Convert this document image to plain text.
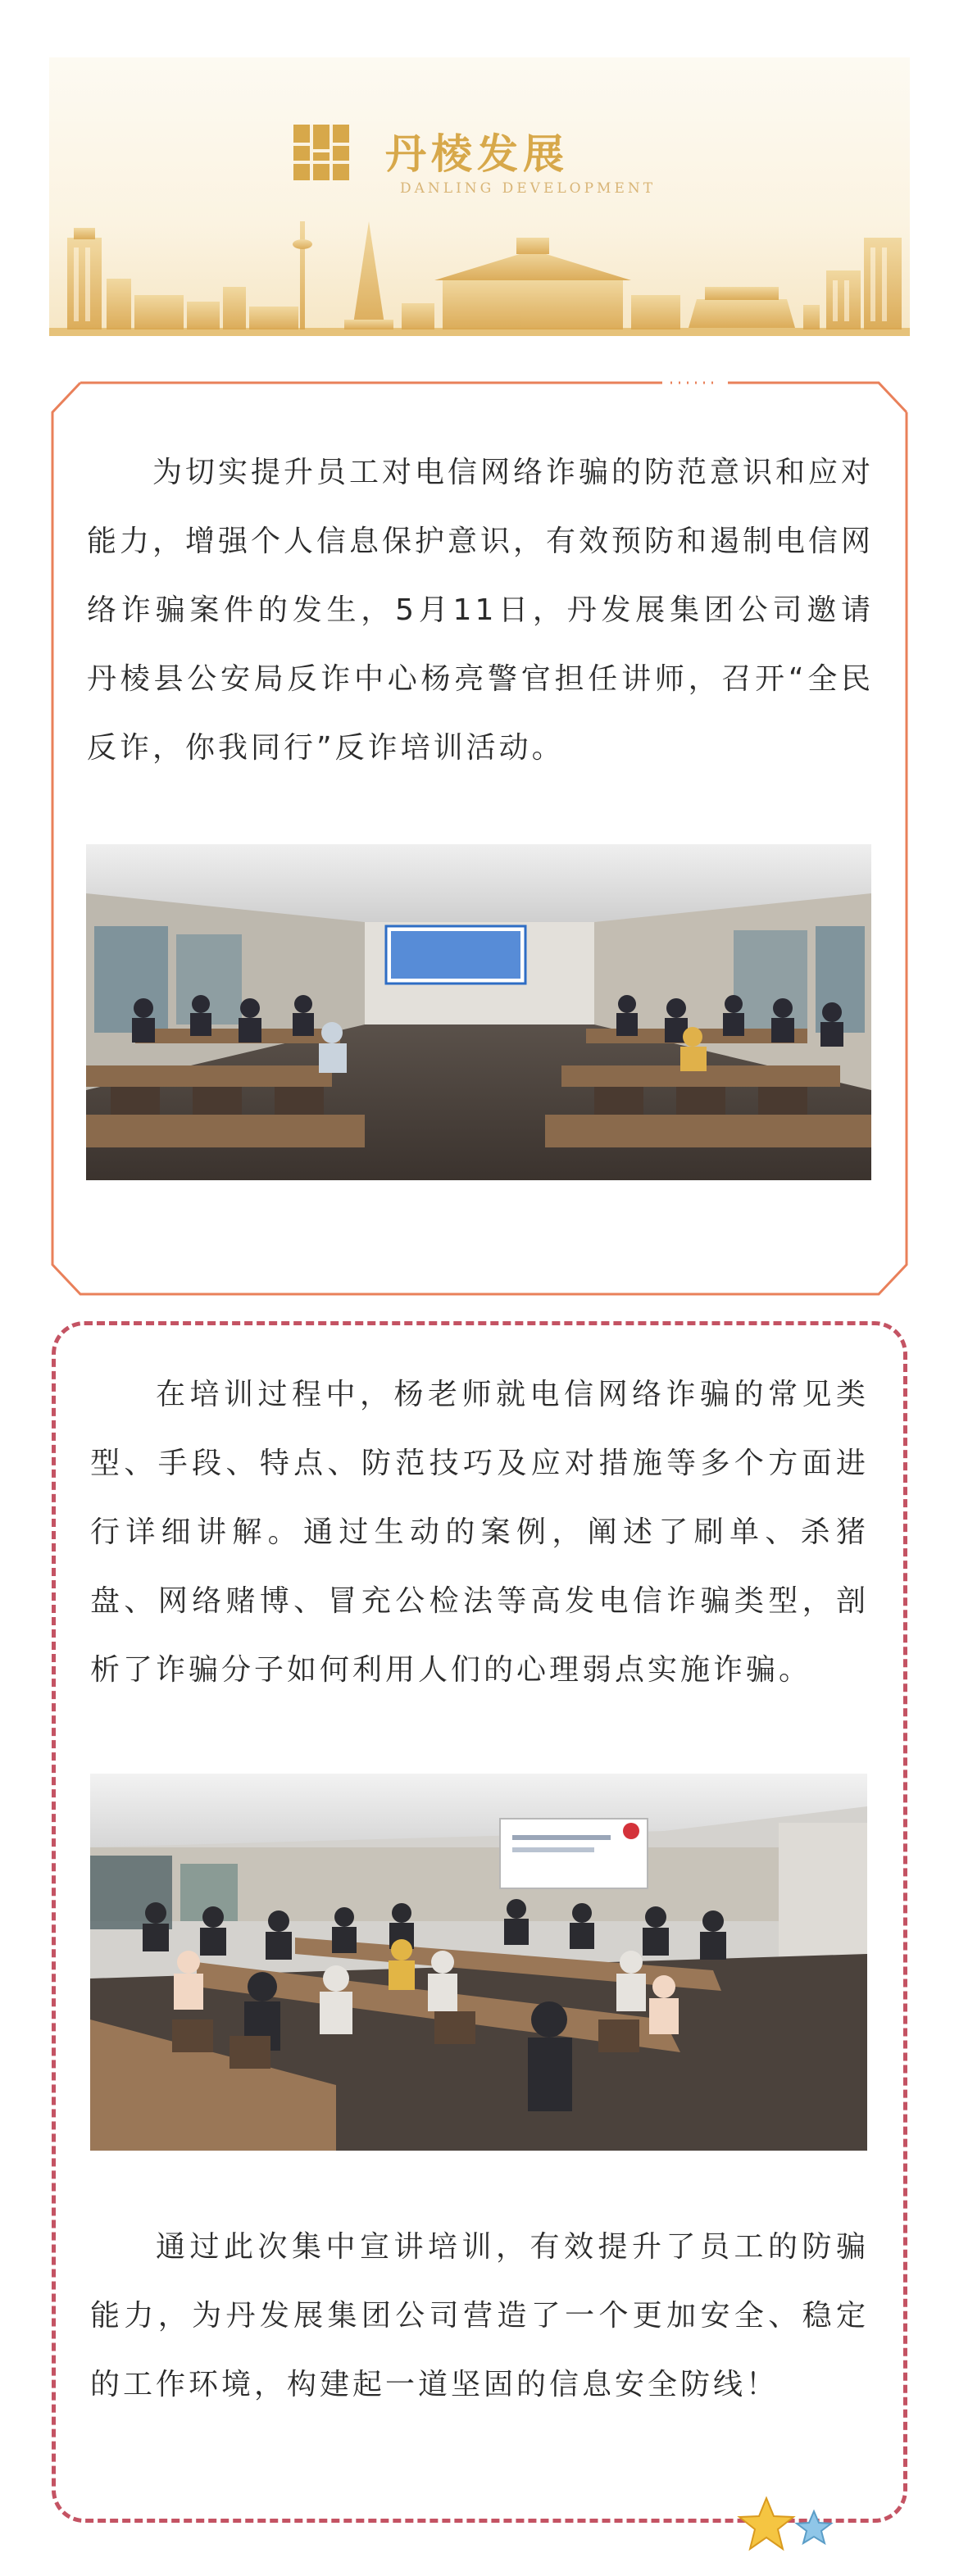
丹棱发展
DANLING DEVELOPMENT
为切实提升员工对电信网络诈骗的防范意识和应对能力，增强个人信息保护意识，有效预防和遏制电信网络诈骗案件的发生，5月11日，丹发展集团公司邀请丹棱县公安局反诈中心杨亮警官担任讲师，召开“全民反诈，你我同行”反诈培训活动。
在培训过程中，杨老师就电信网络诈骗的常见类型、手段、特点、防范技巧及应对措施等多个方面进行详细讲解。通过生动的案例，阐述了刷单、杀猪盘、网络赌博、冒充公检法等高发电信诈骗类型，剖析了诈骗分子如何利用人们的心理弱点实施诈骗。
通过此次集中宣讲培训，有效提升了员工的防骗能力，为丹发展集团公司营造了一个更加安全、稳定的工作环境，构建起一道坚固的信息安全防线！
